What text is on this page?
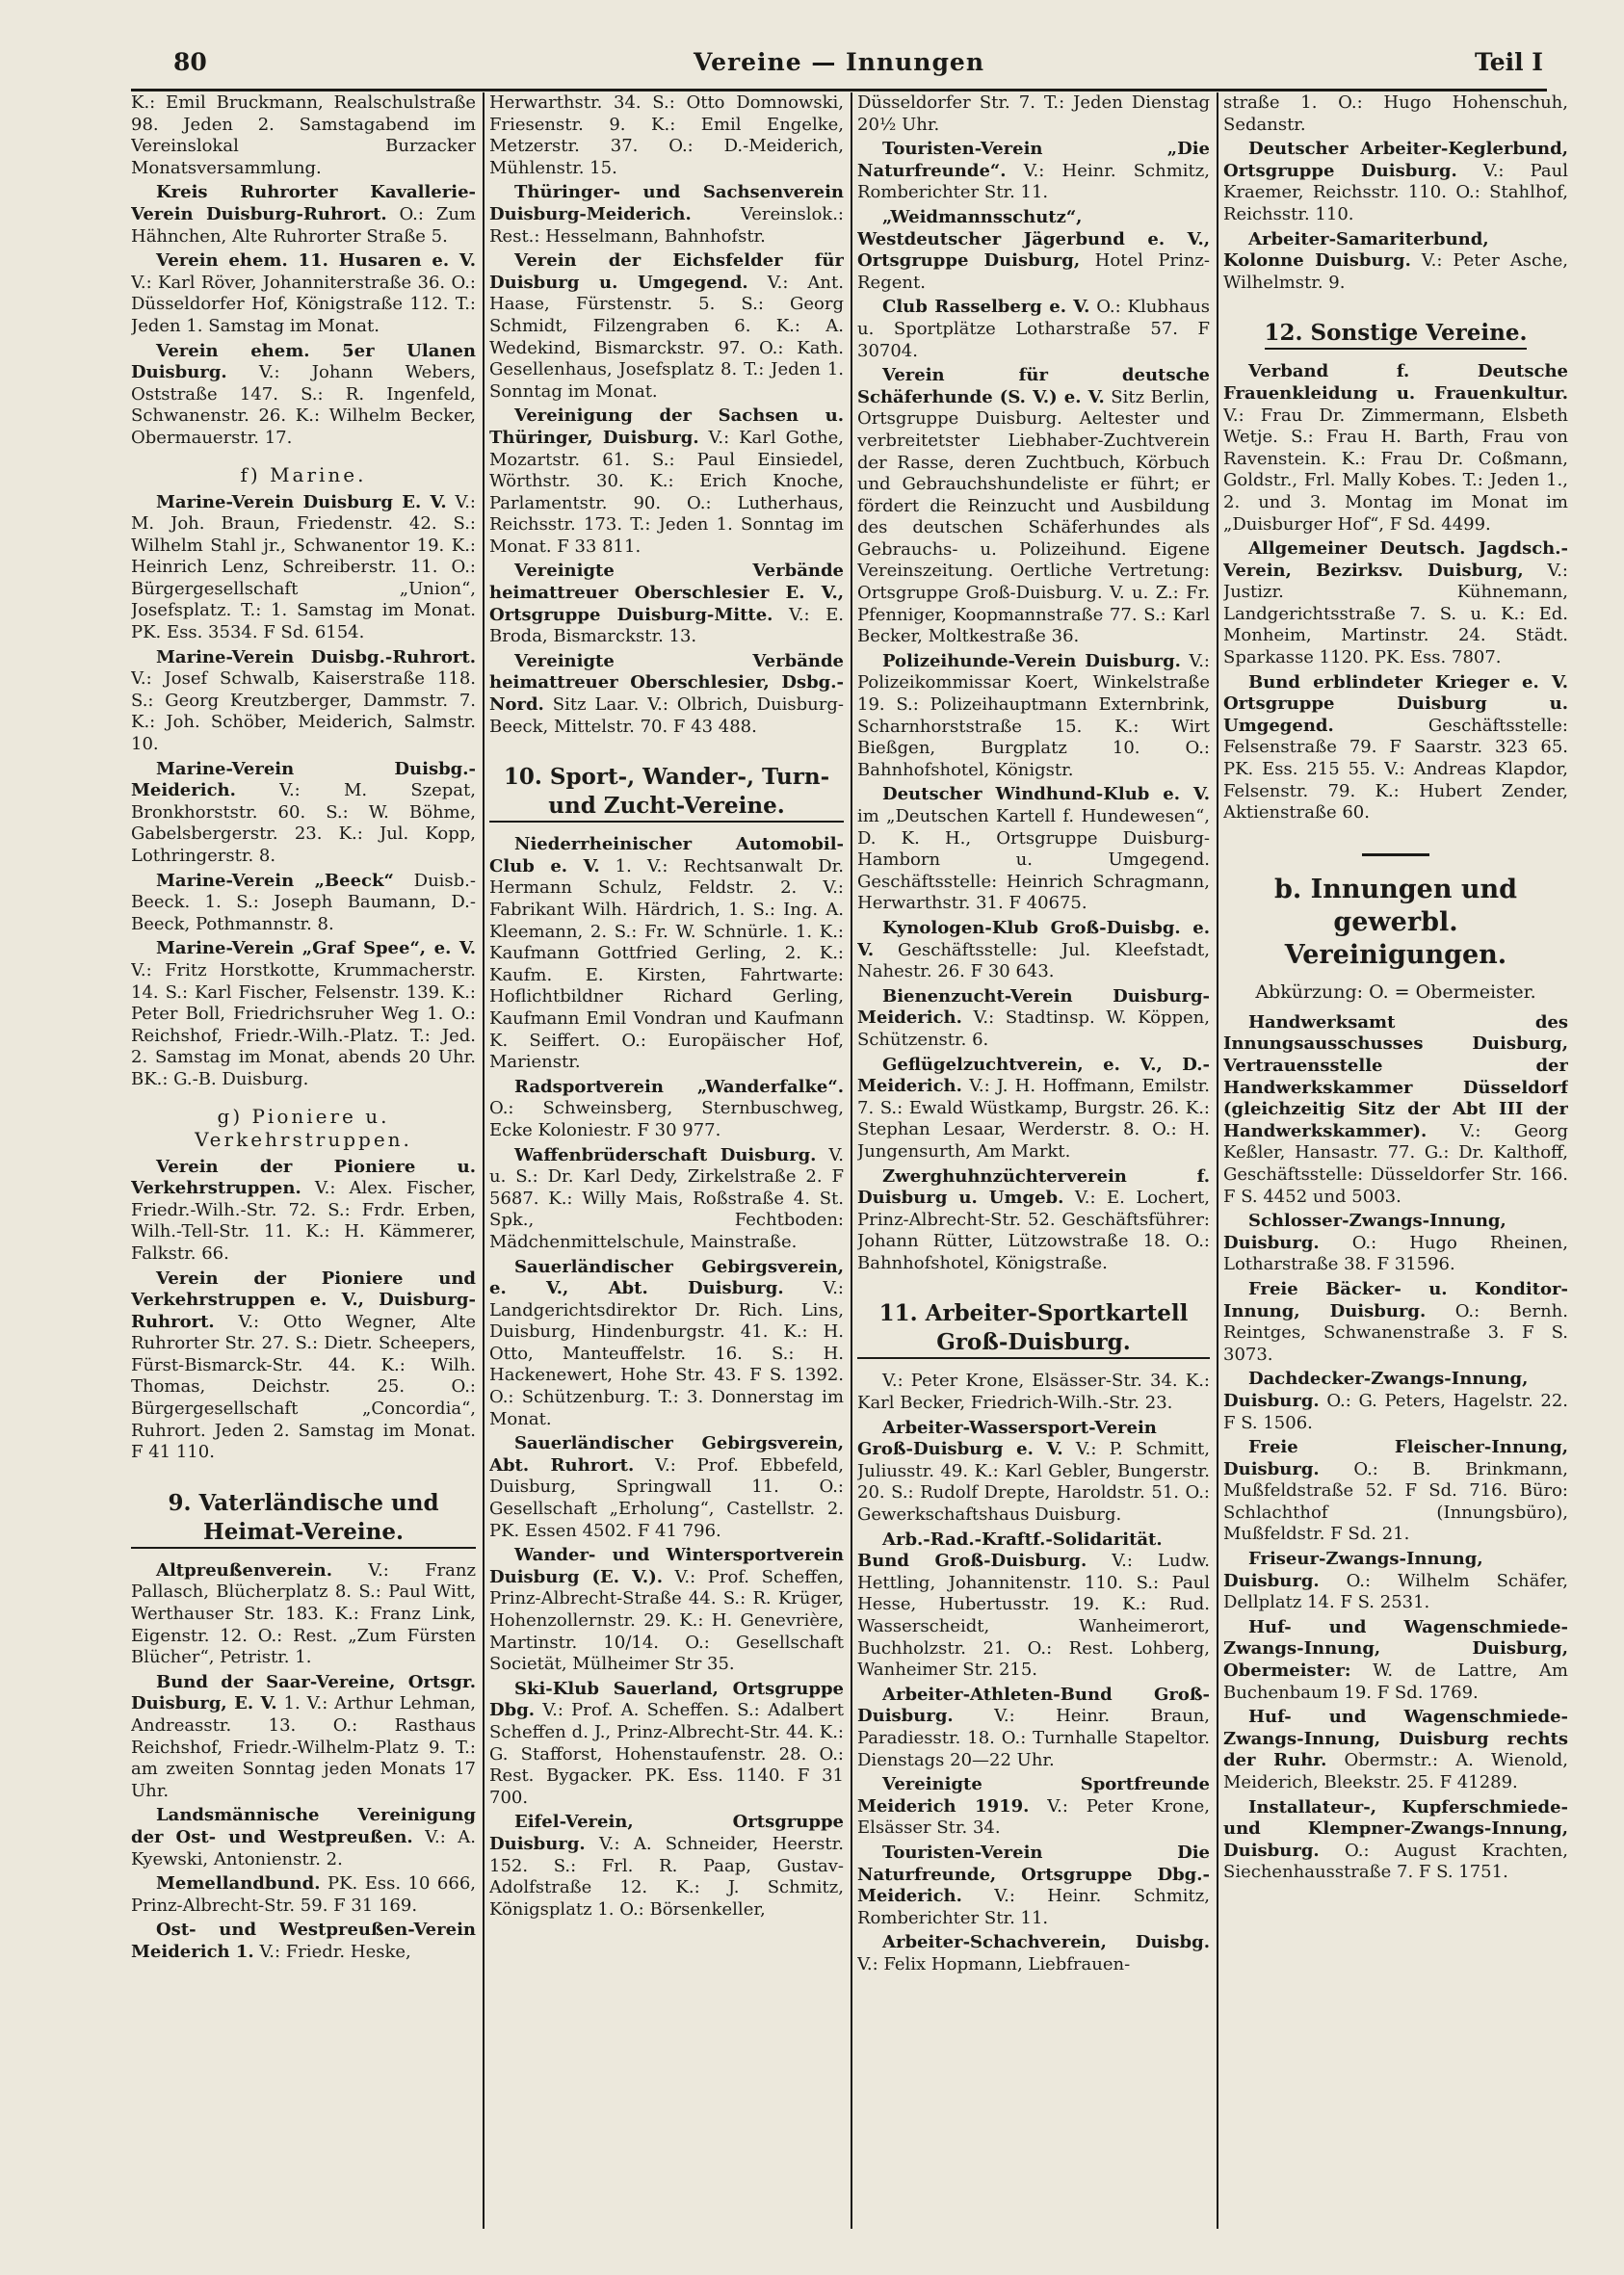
80	Vereine — Innungen	Teil I

K.: Emil Bruckmann, Realschulstraße 98. Jeden 2. Samstagabend im Vereinslokal Burzacker Monatsversammlung.

Kreis Ruhrorter Kavallerie-Verein Duisburg-Ruhrort. O.: Zum Hähnchen, Alte Ruhrorter Straße 5.

Verein ehem. 11. Husaren e. V. V.: Karl Röver, Johanniterstraße 36. O.: Düsseldorfer Hof, Königstraße 112. T.: Jeden 1. Samstag im Monat.

Verein ehem. 5er Ulanen Duisburg. V.: Johann Webers, Oststraße 147. S.: R. Ingenfeld, Schwanenstr. 26. K.: Wilhelm Becker, Obermauerstr. 17.

f) Marine.

Marine-Verein Duisburg E. V. V.: M. Joh. Braun, Friedenstr. 42. S.: Wilhelm Stahl jr., Schwanentor 19. K.: Heinrich Lenz, Schreiberstr. 11. O.: Bürgergesellschaft „Union“, Josefsplatz. T.: 1. Samstag im Monat. PK. Ess. 3534. F Sd. 6154.

Marine-Verein Duisbg.-Ruhrort. V.: Josef Schwalb, Kaiserstraße 118. S.: Georg Kreutzberger, Dammstr. 7. K.: Joh. Schöber, Meiderich, Salmstr. 10.

Marine-Verein Duisbg.-Meiderich.	V.: M. Szepat, Bronkhorststr. 60. S.: W. Böhme, Gabelsbergerstr. 23. K.: Jul. Kopp, Lothringerstr. 8.

Marine-Verein „Beeck“ Duisb.-Beeck. 1. S.: Joseph Baumann, D.-Beeck, Pothmannstr. 8.

Marine-Verein „Graf Spee“, e. V. V.: Fritz Horstkotte, Krummacherstr. 14. S.: Karl Fischer, Felsenstr. 139. K.: Peter Boll, Friedrichsruher Weg 1. O.: Reichshof, Friedr.-Wilh.-Platz. T.: Jed. 2. Samstag im Monat, abends 20 Uhr. BK.: G.-B. Duisburg.

g) Pioniere u. Verkehrstruppen.

Verein der Pioniere u. Verkehrstruppen. V.: Alex. Fischer, Friedr.-Wilh.-Str. 72. S.: Frdr. Erben, Wilh.-Tell-Str. 11. K.: H. Kämmerer, Falkstr. 66.

Verein der Pioniere und Verkehrstruppen e. V., Duisburg-Ruhrort. V.: Otto Wegner, Alte Ruhrorter Str. 27. S.: Dietr. Scheepers, Fürst-Bismarck-Str. 44. K.: Wilh. Thomas, Deichstr. 25. O.: Bürgergesellschaft „Concordia“, Ruhrort. Jeden 2. Samstag im Monat. F 41 110.

9. Vaterländische und Heimat-Vereine.

Altpreußenverein. V.: Franz Pallasch, Blücherplatz 8. S.: Paul Witt, Werthauser Str. 183. K.: Franz Link, Eigenstr. 12. O.: Rest. „Zum Fürsten Blücher“, Petristr. 1.

Bund der Saar-Vereine, Ortsgr. Duisburg, E. V. 1. V.: Arthur Lehman, Andreasstr. 13. O.: Rasthaus Reichshof, Friedr.-Wilhelm-Platz 9. T.: am zweiten Sonntag jeden Monats 17 Uhr.

Landsmännische Vereinigung der Ost- und Westpreußen. V.: A. Kyewski, Antonienstr. 2.

Memellandbund. PK. Ess. 10 666, Prinz-Albrecht-Str. 59. F 31 169.

Ost- und Westpreußen-Verein Meiderich 1. V.: Friedr. Heske,

Herwarthstr. 34. S.: Otto Domnowski, Friesenstr. 9. K.: Emil Engelke, Metzerstr. 37. O.: D.-Meiderich, Mühlenstr. 15.

Thüringer- und Sachsenverein Duisburg-Meiderich.	Vereinslok.: Rest.: Hesselmann, Bahnhofstr.

Verein der Eichsfelder für Duisburg u. Umgegend. V.: Ant. Haase, Fürstenstr. 5. S.: Georg Schmidt, Filzengraben 6. K.: A. Wedekind, Bismarckstr. 97. O.: Kath. Gesellenhaus, Josefsplatz 8. T.: Jeden 1. Sonntag im Monat.

Vereinigung der Sachsen u. Thüringer, Duisburg. V.: Karl Gothe, Mozartstr. 61. S.: Paul Einsiedel, Wörthstr. 30. K.: Erich Knoche, Parlamentstr. 90. O.: Lutherhaus, Reichsstr. 173. T.: Jeden 1. Sonntag im Monat. F 33 811.

Vereinigte Verbände heimattreuer Oberschlesier E. V., Ortsgruppe Duisburg-Mitte. V.: E. Broda, Bismarckstr. 13.

Vereinigte Verbände heimattreuer Oberschlesier, Dsbg.-Nord. Sitz Laar. V.: Olbrich, Duisburg-Beeck, Mittelstr. 70. F 43 488.

10. Sport-, Wander-, Turn- und Zucht-Vereine.

Niederrheinischer Automobil-Club e. V. 1. V.: Rechtsanwalt Dr. Hermann Schulz, Feldstr. 2. V.: Fabrikant Wilh. Härdrich, 1. S.: Ing. A. Kleemann, 2. S.: Fr. W. Schnürle. 1. K.: Kaufmann Gottfried Gerling, 2. K.: Kaufm. E. Kirsten, Fahrtwarte: Hoflichtbildner Richard Gerling, Kaufmann Emil Vondran und Kaufmann K. Seiffert. O.: Europäischer Hof, Marienstr.

Radsportverein „Wanderfalke“. O.: Schweinsberg, Sternbuschweg, Ecke Koloniestr. F 30 977.

Waffenbrüderschaft Duisburg. V. u. S.: Dr. Karl Dedy, Zirkelstraße 2. F 5687. K.: Willy Mais, Roßstraße 4. St. Spk., Fechtboden: Mädchenmittelschule, Mainstraße.

Sauerländischer Gebirgsverein, e. V., Abt. Duisburg. V.: Landgerichtsdirektor Dr. Rich. Lins, Duisburg, Hindenburgstr. 41. K.: H. Otto, Manteuffelstr. 16. S.: H. Hackenewert, Hohe Str. 43. F S. 1392. O.: Schützenburg. T.: 3. Donnerstag im Monat.

Sauerländischer Gebirgsverein, Abt. Ruhrort. V.: Prof. Ebbefeld, Duisburg, Springwall 11. O.: Gesellschaft „Erholung“, Castellstr. 2. PK. Essen 4502. F 41 796.

Wander- und Wintersportverein Duisburg (E. V.). V.: Prof. Scheffen, Prinz-Albrecht-Straße 44. S.: R. Krüger, Hohenzollernstr. 29. K.: H. Genevrière, Martinstr. 10/14. O.: Gesellschaft Societät, Mülheimer Str 35.

Ski-Klub Sauerland, Ortsgruppe Dbg. V.: Prof. A. Scheffen. S.: Adalbert Scheffen d. J., Prinz-Albrecht-Str. 44. K.: G. Stafforst, Hohenstaufenstr. 28. O.: Rest. Bygacker. PK. Ess. 1140. F 31 700.

Eifel-Verein, Ortsgruppe Duisburg. V.: A. Schneider, Heerstr. 152. S.: Frl. R. Paap, Gustav-Adolfstraße 12. K.: J. Schmitz, Königsplatz 1. O.: Börsenkeller,

Düsseldorfer Str. 7. T.: Jeden Dienstag 20½ Uhr.

Touristen-Verein „Die Naturfreunde“. V.: Heinr. Schmitz, Romberichter Str. 11.

„Weidmannsschutz“, Westdeutscher Jägerbund e. V., Ortsgruppe Duisburg, Hotel Prinz-Regent.

Club Rasselberg e. V. O.: Klubhaus u. Sportplätze Lotharstraße 57. F 30704.

Verein für deutsche Schäferhunde (S. V.) e. V. Sitz Berlin, Ortsgruppe Duisburg. Aeltester und verbreitetster Liebhaber-Zuchtverein der Rasse, deren Zuchtbuch, Körbuch und Gebrauchshundeliste er führt; er fördert die Reinzucht und Ausbildung des deutschen Schäferhundes als Gebrauchs- u. Polizeihund. Eigene Vereinszeitung. Oertliche Vertretung: Ortsgruppe Groß-Duisburg. V. u. Z.: Fr. Pfenniger, Koopmannstraße 77. S.: Karl Becker, Moltkestraße 36.

Polizeihunde-Verein Duisburg. V.: Polizeikommissar Koert, Winkelstraße 19. S.: Polizeihauptmann Externbrink, Scharnhorststraße 15. K.: Wirt Bießgen, Burgplatz 10. O.: Bahnhofshotel, Königstr.

Deutscher Windhund-Klub e. V. im „Deutschen Kartell f. Hundewesen“, D. K. H., Ortsgruppe Duisburg-Hamborn u. Umgegend. Geschäftsstelle: Heinrich Schragmann, Herwarthstr. 31. F 40675.

Kynologen-Klub Groß-Duisbg. e. V. Geschäftsstelle: Jul. Kleefstadt, Nahestr. 26. F 30 643.

Bienenzucht-Verein Duisburg-Meiderich. V.: Stadtinsp. W. Köppen, Schützenstr. 6.

Geflügelzuchtverein, e. V., D.-Meiderich. V.: J. H. Hoffmann, Emilstr. 7. S.: Ewald Wüstkamp, Burgstr. 26. K.: Stephan Lesaar, Werderstr. 8. O.: H. Jungensurth, Am Markt.

Zwerghuhnzüchterverein f. Duisburg u. Umgeb. V.: E. Lochert, Prinz-Albrecht-Str. 52. Geschäftsführer: Johann Rütter, Lützowstraße 18. O.: Bahnhofshotel, Königstraße.

11. Arbeiter-Sportkartell Groß-Duisburg.

V.: Peter Krone, Elsässer-Str. 34. K.: Karl Becker, Friedrich-Wilh.-Str. 23.

Arbeiter-Wassersport-Verein Groß-Duisburg e. V. V.: P. Schmitt, Juliusstr. 49. K.: Karl Gebler, Bungerstr. 20. S.: Rudolf Drepte, Haroldstr. 51. O.: Gewerkschaftshaus Duisburg.

Arb.-Rad.-Kraftf.-Solidarität. Bund Groß-Duisburg. V.: Ludw. Hettling, Johannitenstr. 110. S.: Paul Hesse, Hubertusstr. 19. K.: Rud. Wasserscheidt, Wanheimerort, Buchholzstr. 21. O.: Rest. Lohberg, Wanheimer Str. 215.

Arbeiter-Athleten-Bund Groß-Duisburg. V.: Heinr. Braun, Paradiesstr. 18. O.: Turnhalle Stapeltor. Dienstags 20—22 Uhr.

Vereinigte Sportfreunde Meiderich 1919. V.: Peter Krone, Elsässer Str. 34.

Touristen-Verein Die Naturfreunde, Ortsgruppe Dbg.-Meiderich. V.: Heinr. Schmitz, Romberichter Str. 11.

Arbeiter-Schachverein, Duisbg. V.: Felix Hopmann, Liebfrauen-

straße 1. O.: Hugo Hohenschuh, Sedanstr.

Deutscher Arbeiter-Keglerbund, Ortsgruppe Duisburg. V.: Paul Kraemer, Reichsstr. 110. O.: Stahlhof, Reichsstr. 110.

Arbeiter-Samariterbund, Kolonne Duisburg. V.: Peter Asche, Wilhelmstr. 9.

12. Sonstige Vereine.

Verband f. Deutsche Frauenkleidung u. Frauenkultur. V.: Frau Dr. Zimmermann, Elsbeth Wetje. S.: Frau H. Barth, Frau von Ravenstein. K.: Frau Dr. Coßmann, Goldstr., Frl. Mally Kobes. T.: Jeden 1., 2. und 3. Montag im Monat im „Duisburger Hof“, F Sd. 4499.

Allgemeiner Deutsch. Jagdsch.-Verein, Bezirksv. Duisburg, V.: Justizr. Kühnemann, Landgerichtsstraße 7. S. u. K.: Ed. Monheim, Martinstr. 24. Städt. Sparkasse 1120. PK. Ess. 7807.

Bund erblindeter Krieger e. V. Ortsgruppe Duisburg u. Umgegend.	Geschäftsstelle: Felsenstraße 79. F Saarstr. 323 65. PK. Ess. 215 55. V.: Andreas Klapdor, Felsenstr. 79. K.: Hubert Zender, Aktienstraße 60.

b. Innungen und gewerbl. Vereinigungen.
Abkürzung: O. = Obermeister.

Handwerksamt des Innungsausschusses Duisburg, Vertrauensstelle der Handwerkskammer Düsseldorf (gleichzeitig Sitz der Abt III der Handwerkskammer). V.: Georg Keßler, Hansastr. 77. G.: Dr. Kalthoff, Geschäftsstelle: Düsseldorfer Str. 166. F S. 4452 und 5003.

Schlosser-Zwangs-Innung, Duisburg. O.: Hugo Rheinen, Lotharstraße 38. F 31596.

Freie Bäcker- u. Konditor-Innung, Duisburg. O.: Bernh. Reintges, Schwanenstraße 3. F S. 3073.

Dachdecker-Zwangs-Innung, Duisburg. O.: G. Peters, Hagelstr. 22. F S. 1506.

Freie Fleischer-Innung, Duisburg. O.: B. Brinkmann, Mußfeldstraße 52. F Sd. 716. Büro: Schlachthof (Innungsbüro), Mußfeldstr. F Sd. 21.

Friseur-Zwangs-Innung, Duisburg. O.: Wilhelm Schäfer, Dellplatz 14. F S. 2531.

Huf- und Wagenschmiede-Zwangs-Innung, Duisburg, Obermeister: W. de Lattre, Am Buchenbaum 19. F Sd. 1769.

Huf- und Wagenschmiede-Zwangs-Innung, Duisburg rechts der Ruhr. Obermstr.: A. Wienold, Meiderich, Bleekstr. 25. F 41289.

Installateur-, Kupferschmiede- und Klempner-Zwangs-Innung, Duisburg. O.: August Krachten, Siechenhausstraße 7. F S. 1751.
